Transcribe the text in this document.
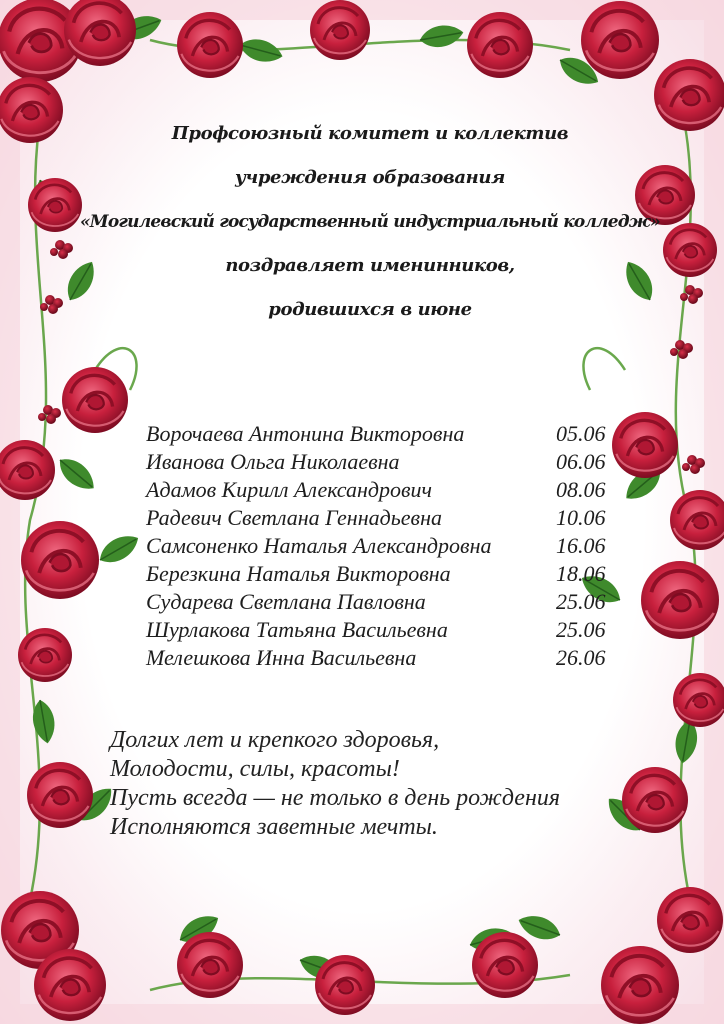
Профсоюзный комитет и коллектив
учреждения образования
«Могилевский государственный индустриальный колледж»
поздравляет именинников,
родившихся в июне
Ворочаева Антонина Викторовна	05.06
Иванова Ольга Николаевна	06.06
Адамов Кирилл Александрович	08.06
Радевич Светлана Геннадьевна	10.06
Самсоненко Наталья Александровна	16.06
Березкина Наталья Викторовна	18.06
Сударева Светлана Павловна	25.06
Шурлакова Татьяна Васильевна	25.06
Мелешкова Инна Васильевна	26.06
Долгих лет и крепкого здоровья,
Молодости, силы, красоты!
Пусть всегда — не только в день рождения
Исполняются заветные мечты.
